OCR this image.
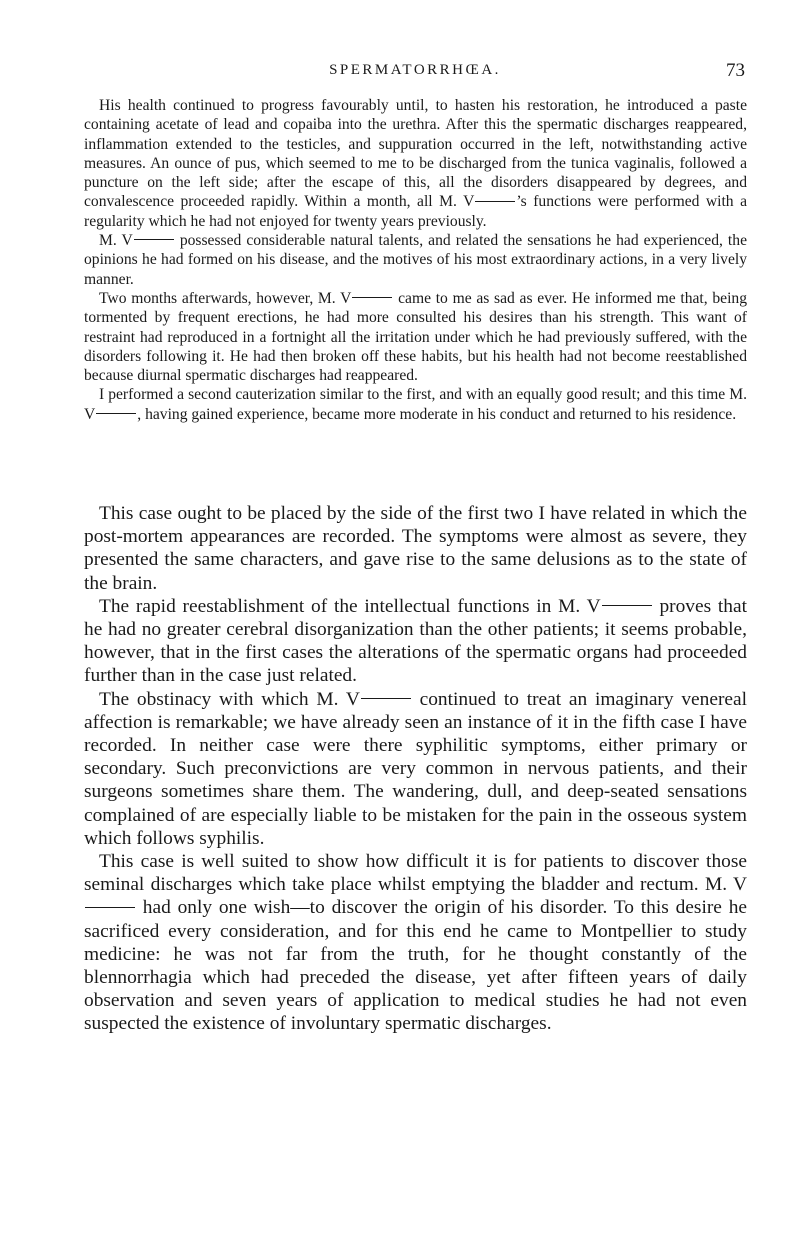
SPERMATORRHŒA.	73

His health continued to progress favourably until, to hasten his restoration, he introduced a paste containing acetate of lead and copaiba into the urethra. After this the spermatic discharges reappeared, inflammation extended to the testicles, and suppuration occurred in the left, notwithstanding active measures. An ounce of pus, which seemed to me to be discharged from the tunica vaginalis, followed a puncture on the left side; after the escape of this, all the disorders disappeared by degrees, and convalescence proceeded rapidly. Within a month, all M. V	’s functions were performed with a regularity which he had not enjoyed for twenty years previously.

M. V	possessed considerable natural talents, and related the sensations he had experienced, the opinions he had formed on his disease, and the motives of his most extraordinary actions, in a very lively manner.

Two months afterwards, however, M. V	came to me as sad as ever. He informed me that, being tormented by frequent erections, he had more consulted his desires than his strength. This want of restraint had reproduced in a fortnight all the irritation under which he had previously suffered, with the disorders following it. He had then broken off these habits, but his health had not become reestablished because diurnal spermatic discharges had reappeared.

I performed a second cauterization similar to the first, and with an equally good result; and this time M. V	, having gained experience, became more moderate in his conduct and returned to his residence.

This case ought to be placed by the side of the first two I have related in which the post-mortem appearances are recorded. The symptoms were almost as severe, they presented the same characters, and gave rise to the same delusions as to the state of the brain.

The rapid reestablishment of the intellectual functions in M. V	proves that he had no greater cerebral disorganization than the other patients; it seems probable, however, that in the first cases the alterations of the spermatic organs had proceeded further than in the case just related.

The obstinacy with which M. V	continued to treat an imaginary venereal affection is remarkable; we have already seen an instance of it in the fifth case I have recorded. In neither case were there syphilitic symptoms, either primary or secondary. Such preconvictions are very common in nervous patients, and their surgeons sometimes share them. The wandering, dull, and deep-seated sensations complained of are especially liable to be mistaken for the pain in the osseous system which follows syphilis.

This case is well suited to show how difficult it is for patients to discover those seminal discharges which take place whilst emptying the bladder and rectum. M. V had only one wish—to discover the origin of his disorder. To this desire he sacrificed every consideration, and for this end he came to Montpellier to study medicine: he was not far from the truth, for he thought constantly of the blennorrhagia which had preceded the disease, yet after fifteen years of daily observation and seven years of application to medical studies he had not even suspected the existence of involuntary spermatic discharges.
